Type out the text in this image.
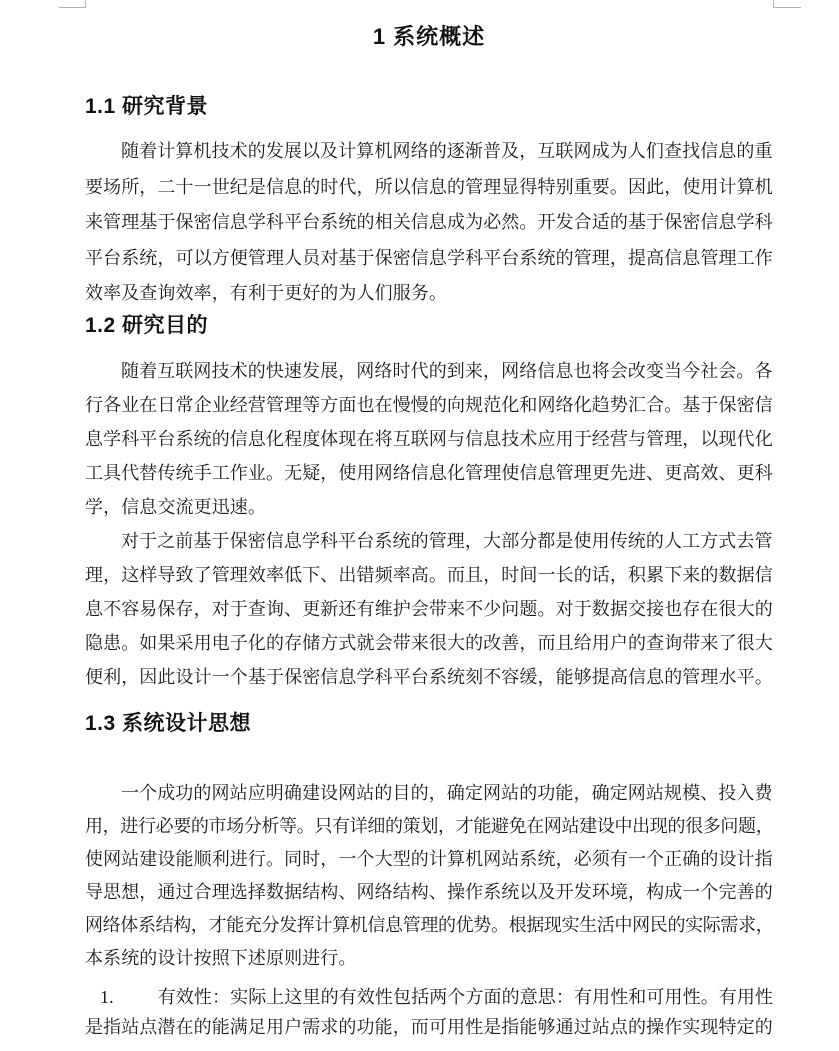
1 系统概述
1.1 研究背景
随着计算机技术的发展以及计算机网络的逐渐普及，互联网成为人们查找信息的重
要场所，二十一世纪是信息的时代，所以信息的管理显得特别重要。因此，使用计算机
来管理基于保密信息学科平台系统的相关信息成为必然。开发合适的基于保密信息学科
平台系统，可以方便管理人员对基于保密信息学科平台系统的管理，提高信息管理工作
效率及查询效率，有利于更好的为人们服务。
1.2 研究目的
随着互联网技术的快速发展，网络时代的到来，网络信息也将会改变当今社会。各
行各业在日常企业经营管理等方面也在慢慢的向规范化和网络化趋势汇合。基于保密信
息学科平台系统的信息化程度体现在将互联网与信息技术应用于经营与管理，以现代化
工具代替传统手工作业。无疑，使用网络信息化管理使信息管理更先进、更高效、更科
学，信息交流更迅速。
对于之前基于保密信息学科平台系统的管理，大部分都是使用传统的人工方式去管
理，这样导致了管理效率低下、出错频率高。而且，时间一长的话，积累下来的数据信
息不容易保存，对于查询、更新还有维护会带来不少问题。对于数据交接也存在很大的
隐患。如果采用电子化的存储方式就会带来很大的改善，而且给用户的查询带来了很大
便利，因此设计一个基于保密信息学科平台系统刻不容缓，能够提高信息的管理水平。
1.3 系统设计思想
一个成功的网站应明确建设网站的目的，确定网站的功能，确定网站规模、投入费
用，进行必要的市场分析等。只有详细的策划，才能避免在网站建设中出现的很多问题，
使网站建设能顺利进行。同时，一个大型的计算机网站系统，必须有一个正确的设计指
导思想，通过合理选择数据结构、网络结构、操作系统以及开发环境，构成一个完善的
网络体系结构，才能充分发挥计算机信息管理的优势。根据现实生活中网民的实际需求，
本系统的设计按照下述原则进行。
1. 有效性：实际上这里的有效性包括两个方面的意思：有用性和可用性。有用性
是指站点潜在的能满足用户需求的功能，而可用性是指能够通过站点的操作实现特定的
